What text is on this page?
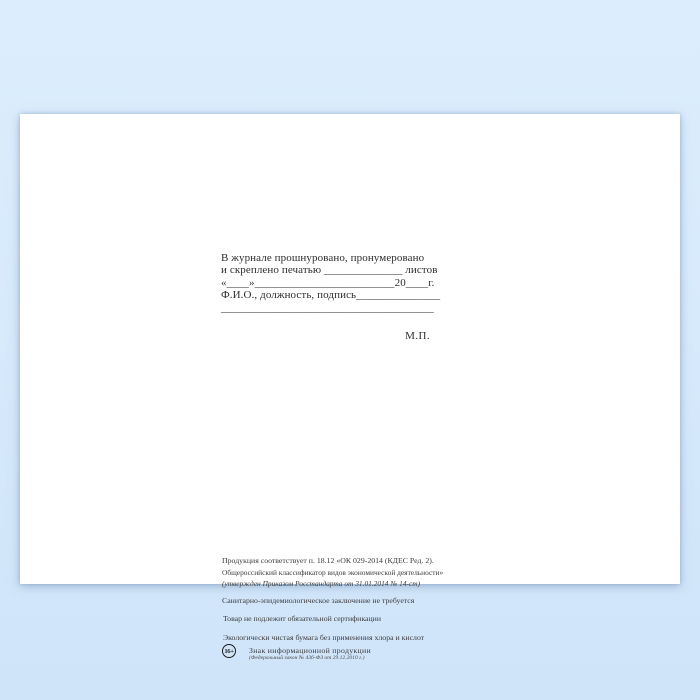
В журнале прошнуровано, пронумеровано
и скреплено печатью ______________ листов
«____»_________________________20____г.
Ф.И.О., должность, подпись_______________
______________________________________
М.П.
Продукция соответствует п. 18.12 «ОК 029-2014 (КДЕС Ред. 2).
Общероссийский классификатор видов экономической деятельности»
(утвержден Приказом Росстандарта от 31.01.2014 № 14-ст)
Санитарно-эпидемиологическое заключение не требуется
Товар не подлежит обязательной сертификации
Экологически чистая бумага без применения хлора и кислот
16+	Знак информационной продукции
(Федеральный закон № 436-ФЗ от 29.12.2010 г.)
